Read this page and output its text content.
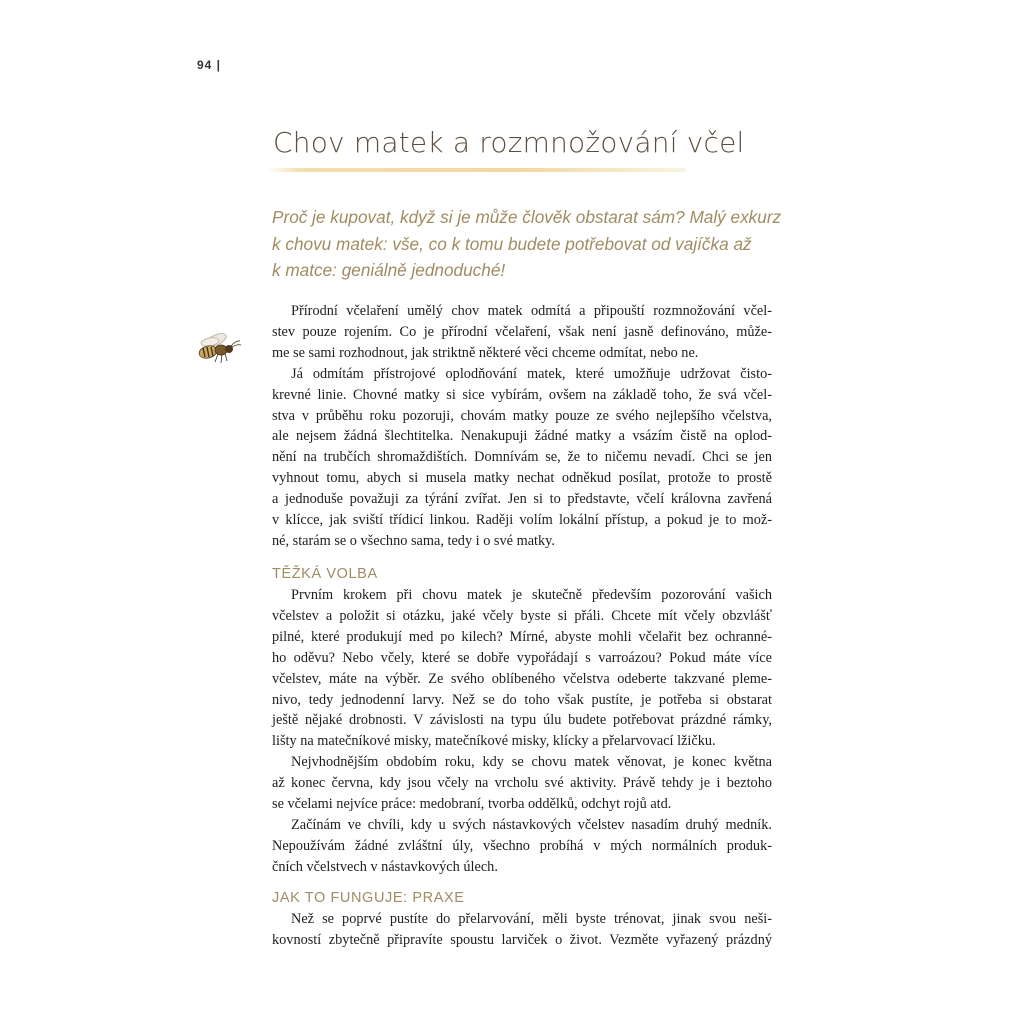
94 |
Chov matek a rozmnožování včel
Proč je kupovat, když si je může člověk obstarat sám? Malý exkurz
k chovu matek: vše, co k tomu budete potřebovat od vajíčka až
k matce: geniálně jednoduché!
Přírodní včelaření umělý chov matek odmítá a připouští rozmnožování včel-
stev pouze rojením. Co je přírodní včelaření, však není jasně definováno, může-
me se sami rozhodnout, jak striktně některé věci chceme odmítat, nebo ne.
Já odmítám přístrojové oplodňování matek, které umožňuje udržovat čisto-
krevné linie. Chovné matky si sice vybírám, ovšem na základě toho, že svá včel-
stva v průběhu roku pozoruji, chovám matky pouze ze svého nejlepšího včelstva,
ale nejsem žádná šlechtitelka. Nenakupuji žádné matky a vsázím čistě na oplod-
nění na trubčích shromaždištích. Domnívám se, že to ničemu nevadí. Chci se jen
vyhnout tomu, abych si musela matky nechat odněkud posílat, protože to prostě
a jednoduše považuji za týrání zvířat. Jen si to představte, včelí královna zavřená
v klícce, jak sviští třídicí linkou. Raději volím lokální přístup, a pokud je to mož-
né, starám se o všechno sama, tedy i o své matky.
TĚŽKÁ VOLBA
Prvním krokem při chovu matek je skutečně především pozorování vašich
včelstev a položit si otázku, jaké včely byste si přáli. Chcete mít včely obzvlášť
pilné, které produkují med po kilech? Mírné, abyste mohli včelařit bez ochranné-
ho oděvu? Nebo včely, které se dobře vypořádají s varroázou? Pokud máte více
včelstev, máte na výběr. Ze svého oblíbeného včelstva odeberte takzvané pleme-
nivo, tedy jednodenní larvy. Než se do toho však pustíte, je potřeba si obstarat
ještě nějaké drobnosti. V závislosti na typu úlu budete potřebovat prázdné rámky,
lišty na matečníkové misky, matečníkové misky, klícky a přelarvovací lžičku.
Nejvhodnějším obdobím roku, kdy se chovu matek věnovat, je konec května
až konec června, kdy jsou včely na vrcholu své aktivity. Právě tehdy je i beztoho
se včelami nejvíce práce: medobraní, tvorba oddělků, odchyt rojů atd.
Začínám ve chvíli, kdy u svých nástavkových včelstev nasadím druhý medník.
Nepoužívám žádné zvláštní úly, všechno probíhá v mých normálních produk-
čních včelstvech v nástavkových úlech.
JAK TO FUNGUJE: PRAXE
Než se poprvé pustíte do přelarvování, měli byste trénovat, jinak svou neši-
kovností zbytečně připravíte spoustu larviček o život. Vezměte vyřazený prázdný
